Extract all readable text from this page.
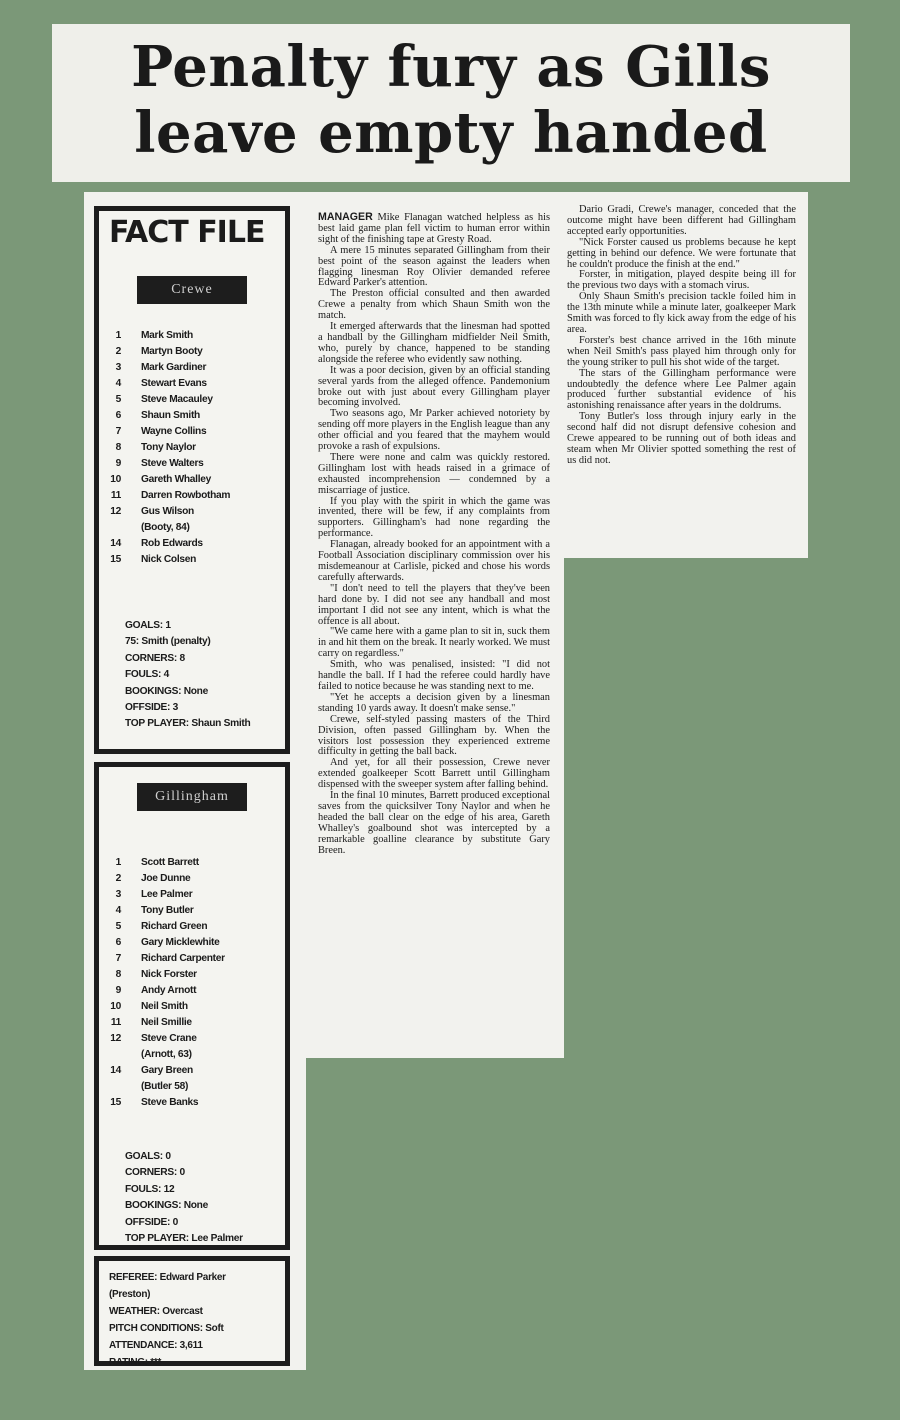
Penalty fury as Gills
leave empty handed
FACT FILE
Crewe
1	Mark Smith
2	Martyn Booty
3	Mark Gardiner
4	Stewart Evans
5	Steve Macauley
6	Shaun Smith
7	Wayne Collins
8	Tony Naylor
9	Steve Walters
10	Gareth Whalley
11	Darren Rowbotham
12	Gus Wilson
(Booty, 84)
14	Rob Edwards
15	Nick Colsen
GOALS: 1
75: Smith (penalty)
CORNERS: 8
FOULS: 4
BOOKINGS: None
OFFSIDE: 3
TOP PLAYER: Shaun Smith
Gillingham
1	Scott Barrett
2	Joe Dunne
3	Lee Palmer
4	Tony Butler
5	Richard Green
6	Gary Micklewhite
7	Richard Carpenter
8	Nick Forster
9	Andy Arnott
10	Neil Smith
11	Neil Smillie
12	Steve Crane
(Arnott, 63)
14	Gary Breen
(Butler 58)
15	Steve Banks
GOALS: 0
CORNERS: 0
FOULS: 12
BOOKINGS: None
OFFSIDE: 0
TOP PLAYER: Lee Palmer
REFEREE: Edward Parker
(Preston)
WEATHER: Overcast
PITCH CONDITIONS: Soft
ATTENDANCE: 3,611
RATING: ***

MANAGER Mike Flanagan watched helpless as his best laid game plan fell victim to human error within sight of the finishing tape at Gresty Road.

A mere 15 minutes separated Gillingham from their best point of the season against the leaders when flagging linesman Roy Olivier demanded referee Edward Parker's attention.

The Preston official consulted and then awarded Crewe a penalty from which Shaun Smith won the match.

It emerged afterwards that the linesman had spotted a handball by the Gillingham midfielder Neil Smith, who, purely by chance, happened to be standing alongside the referee who evidently saw nothing.

It was a poor decision, given by an official standing several yards from the alleged offence. Pandemonium broke out with just about every Gillingham player becoming involved.

Two seasons ago, Mr Parker achieved notoriety by sending off more players in the English league than any other official and you feared that the mayhem would provoke a rash of expulsions.

There were none and calm was quickly restored. Gillingham lost with heads raised in a grimace of exhausted incomprehension — condemned by a miscarriage of justice.

If you play with the spirit in which the game was invented, there will be few, if any complaints from supporters. Gillingham's had none regarding the performance.

Flanagan, already booked for an appointment with a Football Association disciplinary commission over his misdemeanour at Carlisle, picked and chose his words carefully afterwards.

"I don't need to tell the players that they've been hard done by. I did not see any handball and most important I did not see any intent, which is what the offence is all about.

"We came here with a game plan to sit in, suck them in and hit them on the break. It nearly worked. We must carry on regardless."

Smith, who was penalised, insisted: "I did not handle the ball. If I had the referee could hardly have failed to notice because he was standing next to me.

"Yet he accepts a decision given by a linesman standing 10 yards away. It doesn't make sense."

Crewe, self-styled passing masters of the Third Division, often passed Gillingham by. When the visitors lost possession they experienced extreme difficulty in getting the ball back.

And yet, for all their possession, Crewe never extended goalkeeper Scott Barrett until Gillingham dispensed with the sweeper system after falling behind.

In the final 10 minutes, Barrett produced exceptional saves from the quicksilver Tony Naylor and when he headed the ball clear on the edge of his area, Gareth Whalley's goalbound shot was intercepted by a remarkable goalline clearance by substitute Gary Breen.

Dario Gradi, Crewe's manager, conceded that the outcome might have been different had Gillingham accepted early opportunities.

"Nick Forster caused us problems because he kept getting in behind our defence. We were fortunate that he couldn't produce the finish at the end."

Forster, in mitigation, played despite being ill for the previous two days with a stomach virus.

Only Shaun Smith's precision tackle foiled him in the 13th minute while a minute later, goalkeeper Mark Smith was forced to fly kick away from the edge of his area.

Forster's best chance arrived in the 16th minute when Neil Smith's pass played him through only for the young striker to pull his shot wide of the target.

The stars of the Gillingham performance were undoubtedly the defence where Lee Palmer again produced further substantial evidence of his astonishing renaissance after years in the doldrums.

Tony Butler's loss through injury early in the second half did not disrupt defensive cohesion and Crewe appeared to be running out of both ideas and steam when Mr Olivier spotted something the rest of us did not.
